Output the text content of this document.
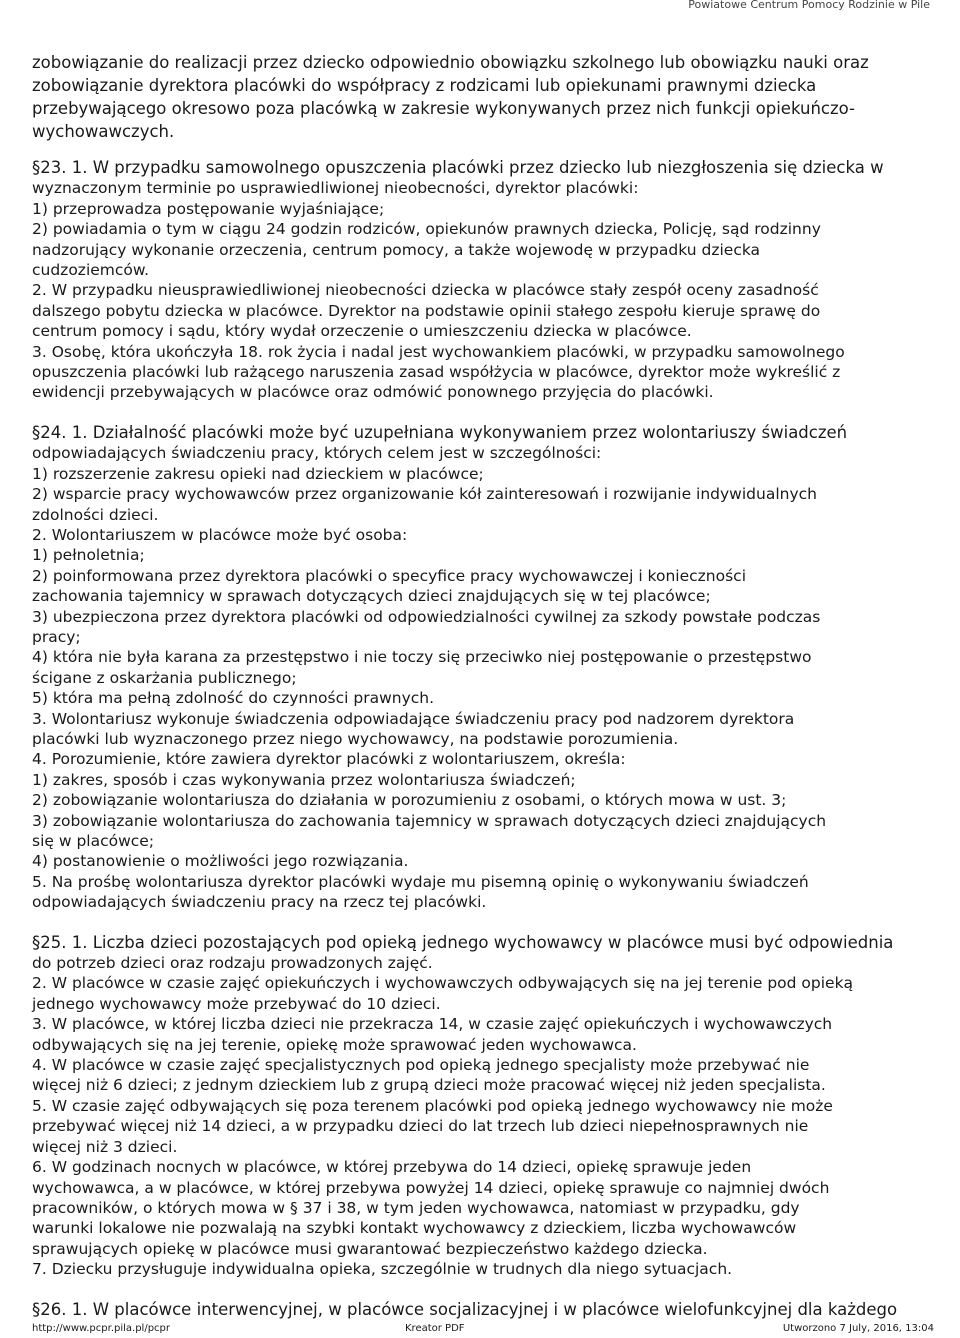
Powiatowe Centrum Pomocy Rodzinie w Pile
zobowiązanie do realizacji przez dziecko odpowiednio obowiązku szkolnego lub obowiązku nauki oraz
zobowiązanie dyrektora placówki do współpracy z rodzicami lub opiekunami prawnymi dziecka
przebywającego okresowo poza placówką w zakresie wykonywanych przez nich funkcji opiekuńczo-
wychowawczych.
§23. 1. W przypadku samowolnego opuszczenia placówki przez dziecko lub niezgłoszenia się dziecka w
wyznaczonym terminie po usprawiedliwionej nieobecności, dyrektor placówki:
1) przeprowadza postępowanie wyjaśniające;
2) powiadamia o tym w ciągu 24 godzin rodziców, opiekunów prawnych dziecka, Policję, sąd rodzinny
nadzorujący wykonanie orzeczenia, centrum pomocy, a także wojewodę w przypadku dziecka
cudzoziemców.
2. W przypadku nieusprawiedliwionej nieobecności dziecka w placówce stały zespół oceny zasadność
dalszego pobytu dziecka w placówce. Dyrektor na podstawie opinii stałego zespołu kieruje sprawę do
centrum pomocy i sądu, który wydał orzeczenie o umieszczeniu dziecka w placówce.
3. Osobę, która ukończyła 18. rok życia i nadal jest wychowankiem placówki, w przypadku samowolnego
opuszczenia placówki lub rażącego naruszenia zasad współżycia w placówce, dyrektor może wykreślić z
ewidencji przebywających w placówce oraz odmówić ponownego przyjęcia do placówki.
§24. 1. Działalność placówki może być uzupełniana wykonywaniem przez wolontariuszy świadczeń
odpowiadających świadczeniu pracy, których celem jest w szczególności:
1) rozszerzenie zakresu opieki nad dzieckiem w placówce;
2) wsparcie pracy wychowawców przez organizowanie kół zainteresowań i rozwijanie indywidualnych
zdolności dzieci.
2. Wolontariuszem w placówce może być osoba:
1) pełnoletnia;
2) poinformowana przez dyrektora placówki o specyfice pracy wychowawczej i konieczności
zachowania tajemnicy w sprawach dotyczących dzieci znajdujących się w tej placówce;
3) ubezpieczona przez dyrektora placówki od odpowiedzialności cywilnej za szkody powstałe podczas
pracy;
4) która nie była karana za przestępstwo i nie toczy się przeciwko niej postępowanie o przestępstwo
ścigane z oskarżania publicznego;
5) która ma pełną zdolność do czynności prawnych.
3. Wolontariusz wykonuje świadczenia odpowiadające świadczeniu pracy pod nadzorem dyrektora
placówki lub wyznaczonego przez niego wychowawcy, na podstawie porozumienia.
4. Porozumienie, które zawiera dyrektor placówki z wolontariuszem, określa:
1) zakres, sposób i czas wykonywania przez wolontariusza świadczeń;
2) zobowiązanie wolontariusza do działania w porozumieniu z osobami, o których mowa w ust. 3;
3) zobowiązanie wolontariusza do zachowania tajemnicy w sprawach dotyczących dzieci znajdujących
się w placówce;
4) postanowienie o możliwości jego rozwiązania.
5. Na prośbę wolontariusza dyrektor placówki wydaje mu pisemną opinię o wykonywaniu świadczeń
odpowiadających świadczeniu pracy na rzecz tej placówki.
§25. 1. Liczba dzieci pozostających pod opieką jednego wychowawcy w placówce musi być odpowiednia
do potrzeb dzieci oraz rodzaju prowadzonych zajęć.
2. W placówce w czasie zajęć opiekuńczych i wychowawczych odbywających się na jej terenie pod opieką
jednego wychowawcy może przebywać do 10 dzieci.
3. W placówce, w której liczba dzieci nie przekracza 14, w czasie zajęć opiekuńczych i wychowawczych
odbywających się na jej terenie, opiekę może sprawować jeden wychowawca.
4. W placówce w czasie zajęć specjalistycznych pod opieką jednego specjalisty może przebywać nie
więcej niż 6 dzieci; z jednym dzieckiem lub z grupą dzieci może pracować więcej niż jeden specjalista.
5. W czasie zajęć odbywających się poza terenem placówki pod opieką jednego wychowawcy nie może
przebywać więcej niż 14 dzieci, a w przypadku dzieci do lat trzech lub dzieci niepełnosprawnych nie
więcej niż 3 dzieci.
6. W godzinach nocnych w placówce, w której przebywa do 14 dzieci, opiekę sprawuje jeden
wychowawca, a w placówce, w której przebywa powyżej 14 dzieci, opiekę sprawuje co najmniej dwóch
pracowników, o których mowa w § 37 i 38, w tym jeden wychowawca, natomiast w przypadku, gdy
warunki lokalowe nie pozwalają na szybki kontakt wychowawcy z dzieckiem, liczba wychowawców
sprawujących opiekę w placówce musi gwarantować bezpieczeństwo każdego dziecka.
7. Dziecku przysługuje indywidualna opieka, szczególnie w trudnych dla niego sytuacjach.
§26. 1. W placówce interwencyjnej, w placówce socjalizacyjnej i w placówce wielofunkcyjnej dla każdego
http://www.pcpr.pila.pl/pcpr	Kreator PDF	Utworzono 7 July, 2016, 13:04
